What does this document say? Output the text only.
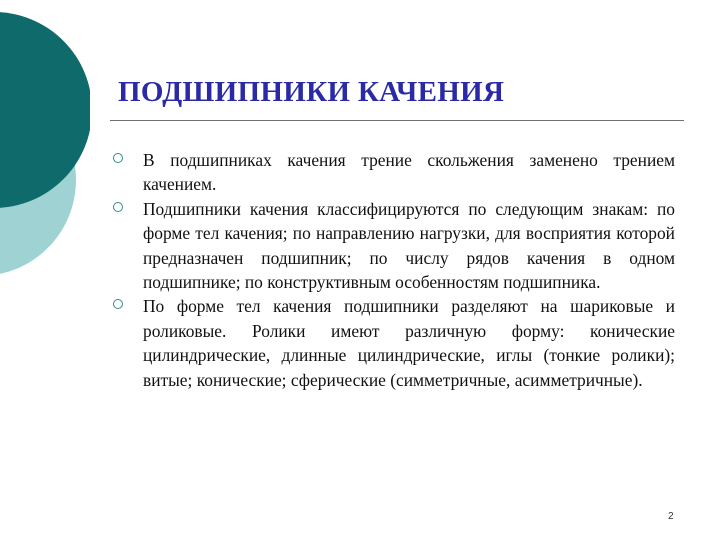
ПОДШИПНИКИ КАЧЕНИЯ
В подшипниках качения трение скольжения заменено трением качением.
Подшипники качения классифицируются по следующим знакам: по форме тел качения; по направлению нагрузки, для восприятия которой предназначен подшипник; по числу рядов качения в одном подшипнике; по конструктивным особенностям подшипника.
По форме тел качения подшипники разделяют на шариковые и роликовые. Ролики имеют различную форму: конические цилиндрические, длинные цилиндрические, иглы (тонкие ролики); витые; конические; сферические (симметричные, асимметричные).
2
